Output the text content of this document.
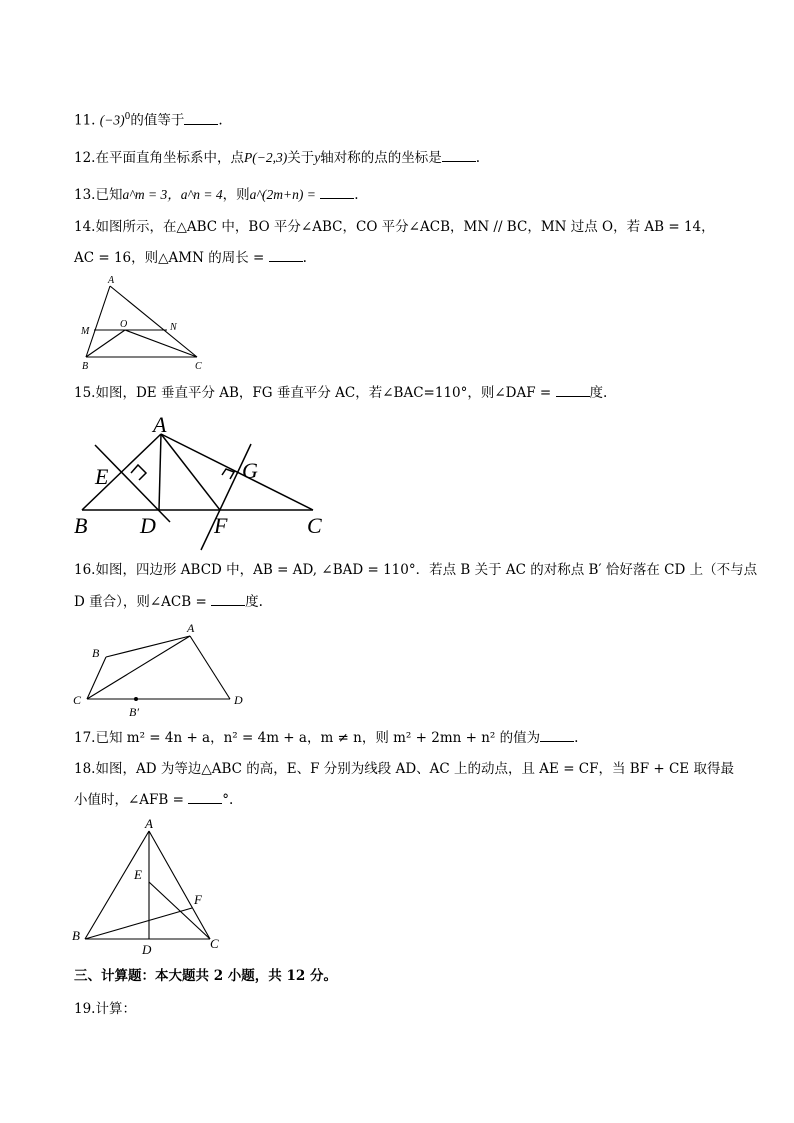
11. $(-3)^0$的值等于	.
12.在平面直角坐标系中，点P(−2,3)关于y轴对称的点的坐标是	.
13.已知a^m = 3，a^n = 4，则a^(2m+n) =	.
14.如图所示，在△ABC 中，BO 平分∠ABC，CO 平分∠ACB，MN // BC，MN 过点 O，若 AB = 14，
AC = 16，则△AMN 的周长 =	.
A
M
O	N
B	C
15.如图，DE 垂直平分 AB，FG 垂直平分 AC，若∠BAC=110°，则∠DAF =	度.
A
E	G
B D	F	C
16.如图，四边形 ABCD 中，AB = AD, ∠BAD = 110°．若点 B 关于 AC 的对称点 B′ 恰好落在 CD 上（不与点
D 重合），则∠ACB =	度.
A
B
C	D
B′
17.已知 m² = 4n + a，n² = 4m + a，m ≠ n，则 m² + 2mn + n² 的值为	.
18.如图，AD 为等边△ABC 的高，E、F 分别为线段 AD、AC 上的动点，且 AE = CF，当 BF + CE 取得最
小值时，∠AFB =	°.
A
E
F
B
D	C
三、计算题：本大题共 2 小题，共 12 分。
19.计算：
